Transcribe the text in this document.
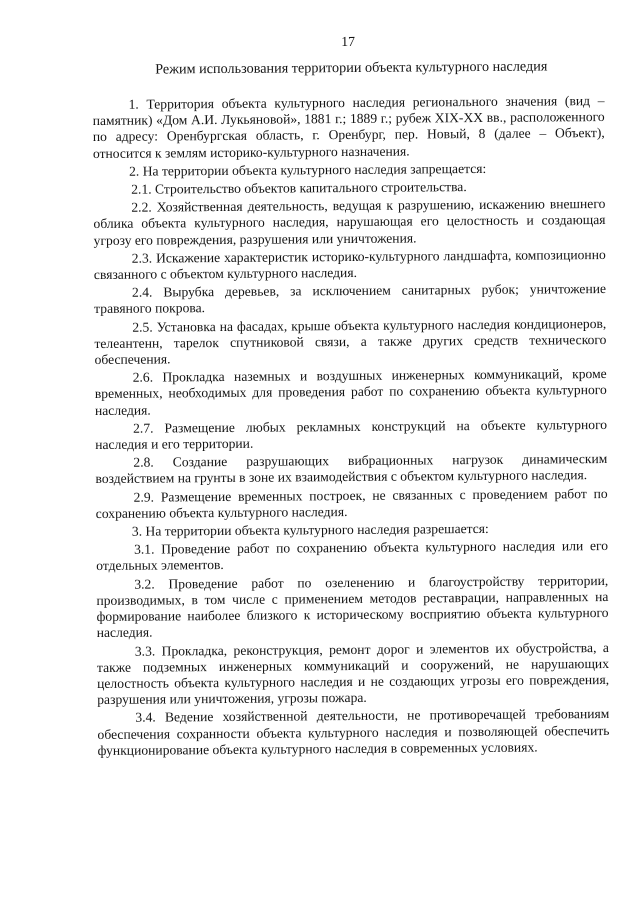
17
Режим использования территории объекта культурного наследия

1. Территория объекта культурного наследия регионального значения (вид – памятник) «Дом А.И. Лукьяновой», 1881 г.; 1889 г.; рубеж XIX-XX вв., расположенного по адресу: Оренбургская область, г. Оренбург, пер. Новый, 8 (далее – Объект), относится к землям историко-культурного назначения.

2. На территории объекта культурного наследия запрещается:

2.1. Строительство объектов капитального строительства.

2.2. Хозяйственная деятельность, ведущая к разрушению, искажению внешнего облика объекта культурного наследия, нарушающая его целостность и создающая угрозу его повреждения, разрушения или уничтожения.

2.3. Искажение характеристик историко-культурного ландшафта, композиционно связанного с объектом культурного наследия.

2.4. Вырубка деревьев, за исключением санитарных рубок; уничтожение травяного покрова.

2.5. Установка на фасадах, крыше объекта культурного наследия кондиционеров, телеантенн, тарелок спутниковой связи, а также других средств технического обеспечения.

2.6. Прокладка наземных и воздушных инженерных коммуникаций, кроме временных, необходимых для проведения работ по сохранению объекта культурного наследия.

2.7. Размещение любых рекламных конструкций на объекте культурного наследия и его территории.

2.8. Создание разрушающих вибрационных нагрузок динамическим воздействием на грунты в зоне их взаимодействия с объектом культурного наследия.

2.9. Размещение временных построек, не связанных с проведением работ по сохранению объекта культурного наследия.

3. На территории объекта культурного наследия разрешается:

3.1. Проведение работ по сохранению объекта культурного наследия или его отдельных элементов.

3.2. Проведение работ по озеленению и благоустройству территории, производимых, в том числе с применением методов реставрации, направленных на формирование наиболее близкого к историческому восприятию объекта культурного наследия.

3.3. Прокладка, реконструкция, ремонт дорог и элементов их обустройства, а также подземных инженерных коммуникаций и сооружений, не нарушающих целостность объекта культурного наследия и не создающих угрозы его повреждения, разрушения или уничтожения, угрозы пожара.

3.4. Ведение хозяйственной деятельности, не противоречащей требованиям обеспечения сохранности объекта культурного наследия и позволяющей обеспечить функционирование объекта культурного наследия в современных условиях.
